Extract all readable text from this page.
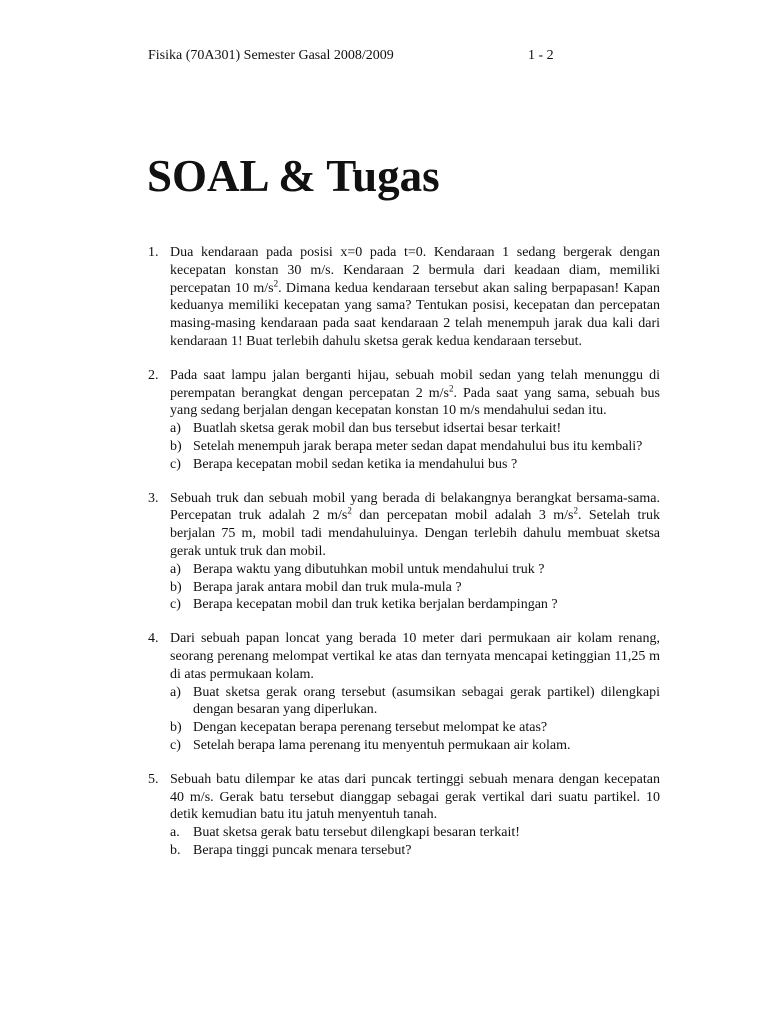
Fisika (70A301) Semester Gasal 2008/2009	1 - 2
SOAL & Tugas
1. Dua kendaraan pada posisi x=0 pada t=0. Kendaraan 1 sedang bergerak dengan kecepatan konstan 30 m/s. Kendaraan 2 bermula dari keadaan diam, memiliki percepatan 10 $m/s^2$. Dimana kedua kendaraan tersebut akan saling berpapasan! Kapan keduanya memiliki kecepatan yang sama? Tentukan posisi, kecepatan dan percepatan masing-masing kendaraan pada saat kendaraan 2 telah menempuh jarak dua kali dari kendaraan 1! Buat terlebih dahulu sketsa gerak kedua kendaraan tersebut.
2. Pada saat lampu jalan berganti hijau, sebuah mobil sedan yang telah menunggu di perempatan berangkat dengan percepatan 2 $m/s^2$. Pada saat yang sama, sebuah bus yang sedang berjalan dengan kecepatan konstan 10 m/s mendahului sedan itu.
a) Buatlah sketsa gerak mobil dan bus tersebut idsertai besar terkait!
b) Setelah menempuh jarak berapa meter sedan dapat mendahului bus itu kembali?
c) Berapa kecepatan mobil sedan ketika ia mendahului bus ?
3. Sebuah truk dan sebuah mobil yang berada di belakangnya berangkat bersama-sama. Percepatan truk adalah 2 $m/s^2$ dan percepatan mobil adalah 3 $m/s^2$. Setelah truk berjalan 75 m, mobil tadi mendahuluinya. Dengan terlebih dahulu membuat sketsa gerak untuk truk dan mobil.
a) Berapa waktu yang dibutuhkan mobil untuk mendahului truk ?
b) Berapa jarak antara mobil dan truk mula-mula ?
c) Berapa kecepatan mobil dan truk ketika berjalan berdampingan ?
4. Dari sebuah papan loncat yang berada 10 meter dari permukaan air kolam renang, seorang perenang melompat vertikal ke atas dan ternyata mencapai ketinggian 11,25 m di atas permukaan kolam.
a) Buat sketsa gerak orang tersebut (asumsikan sebagai gerak partikel) dilengkapi dengan besaran yang diperlukan.
b) Dengan kecepatan berapa perenang tersebut melompat ke atas?
c) Setelah berapa lama perenang itu menyentuh permukaan air kolam.
5. Sebuah batu dilempar ke atas dari puncak tertinggi sebuah menara dengan kecepatan 40 m/s. Gerak batu tersebut dianggap sebagai gerak vertikal dari suatu partikel. 10 detik kemudian batu itu jatuh menyentuh tanah.
a. Buat sketsa gerak batu tersebut dilengkapi besaran terkait!
b. Berapa tinggi puncak menara tersebut?
